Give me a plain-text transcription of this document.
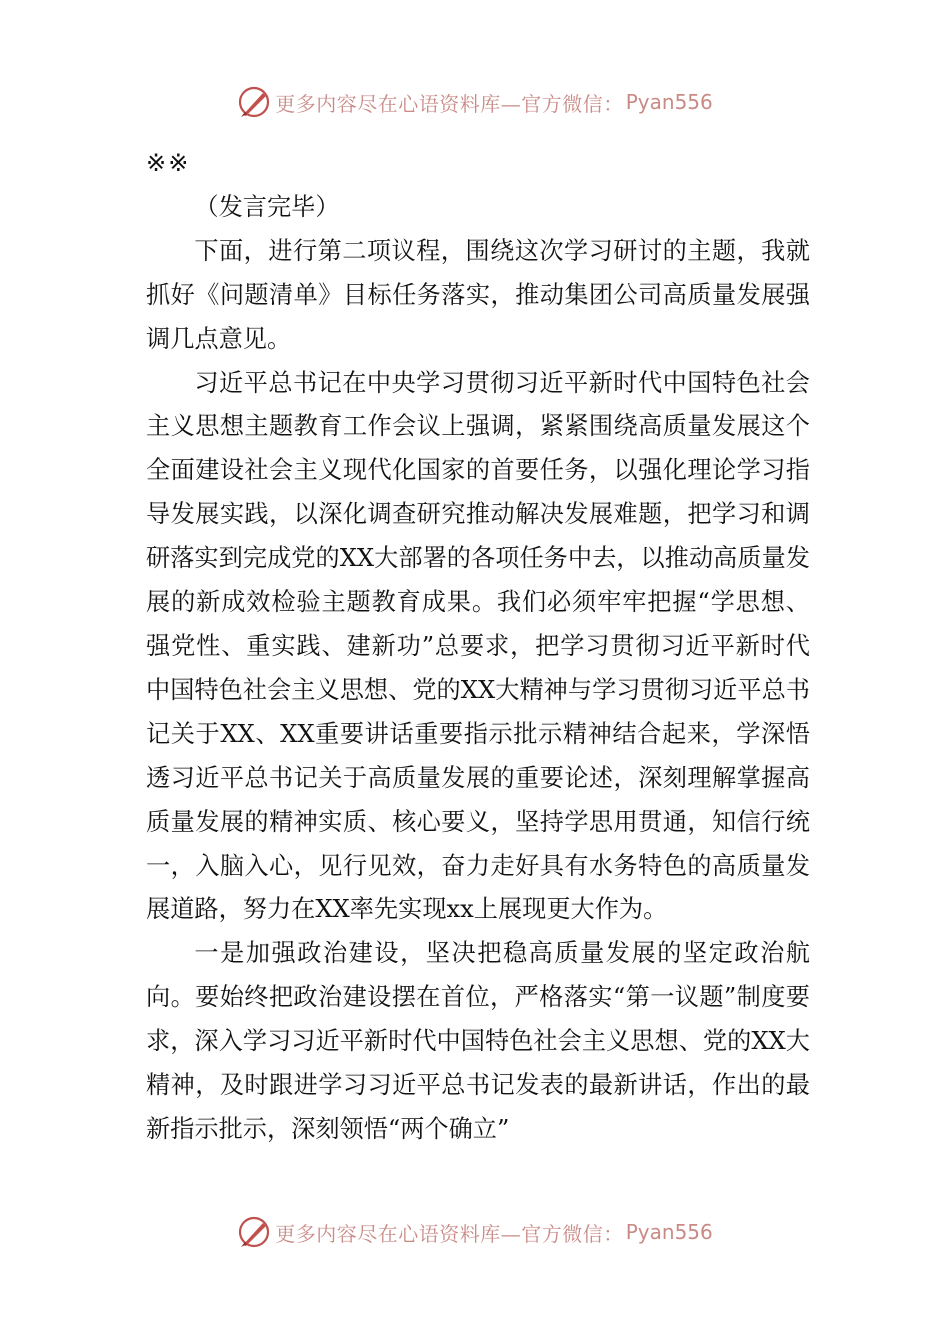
更多内容尽在心语资料库—官方微信： Pyan556

※※

（发言完毕）

下面，进行第二项议程，围绕这次学习研讨的主题，我就抓好《问题清单》目标任务落实，推动集团公司高质量发展强调几点意见。

习近平总书记在中央学习贯彻习近平新时代中国特色社会主义思想主题教育工作会议上强调，紧紧围绕高质量发展这个全面建设社会主义现代化国家的首要任务，以强化理论学习指导发展实践，以深化调查研究推动解决发展难题，把学习和调研落实到完成党的XX大部署的各项任务中去，以推动高质量发展的新成效检验主题教育成果。我们必须牢牢把握“学思想、强党性、重实践、建新功”总要求，把学习贯彻习近平新时代中国特色社会主义思想、党的XX大精神与学习贯彻习近平总书记关于XX、XX重要讲话重要指示批示精神结合起来，学深悟透习近平总书记关于高质量发展的重要论述，深刻理解掌握高质量发展的精神实质、核心要义，坚持学思用贯通，知信行统一，入脑入心，见行见效，奋力走好具有水务特色的高质量发展道路，努力在XX率先实现xx上展现更大作为。

一是加强政治建设，坚决把稳高质量发展的坚定政治航向。要始终把政治建设摆在首位，严格落实“第一议题”制度要求，深入学习习近平新时代中国特色社会主义思想、党的XX大精神，及时跟进学习习近平总书记发表的最新讲话，作出的最新指示批示，深刻领悟“两个确立”

更多内容尽在心语资料库—官方微信： Pyan556
